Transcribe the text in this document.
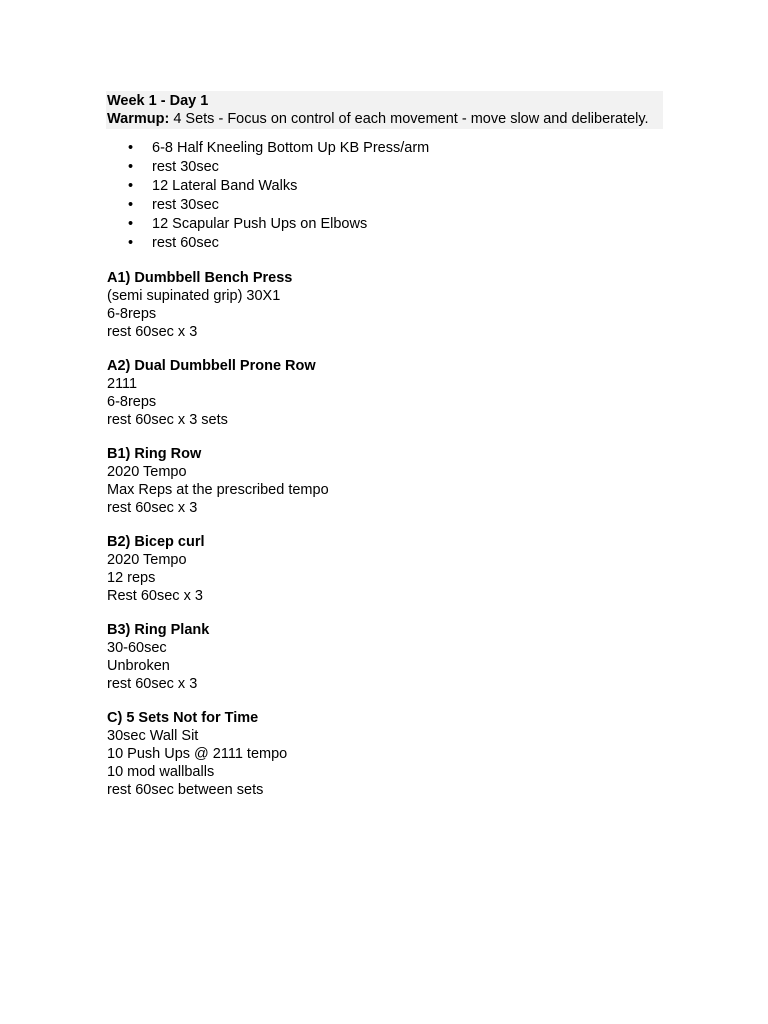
Week 1 - Day 1
Warmup: 4 Sets - Focus on control of each movement - move slow and deliberately.
• 6-8 Half Kneeling Bottom Up KB Press/arm
• rest 30sec
• 12 Lateral Band Walks
• rest 30sec
• 12 Scapular Push Ups on Elbows
• rest 60sec

A1) Dumbbell Bench Press

(semi supinated grip) 30X1

6-8reps

rest 60sec x 3

A2) Dual Dumbbell Prone Row

2111

6-8reps

rest 60sec x 3 sets

B1) Ring Row

2020 Tempo

Max Reps at the prescribed tempo

rest 60sec x 3

B2) Bicep curl

2020 Tempo

12 reps

Rest 60sec x 3

B3) Ring Plank

30-60sec

Unbroken

rest 60sec x 3

C) 5 Sets Not for Time

30sec Wall Sit

10 Push Ups @ 2111 tempo

10 mod wallballs

rest 60sec between sets
